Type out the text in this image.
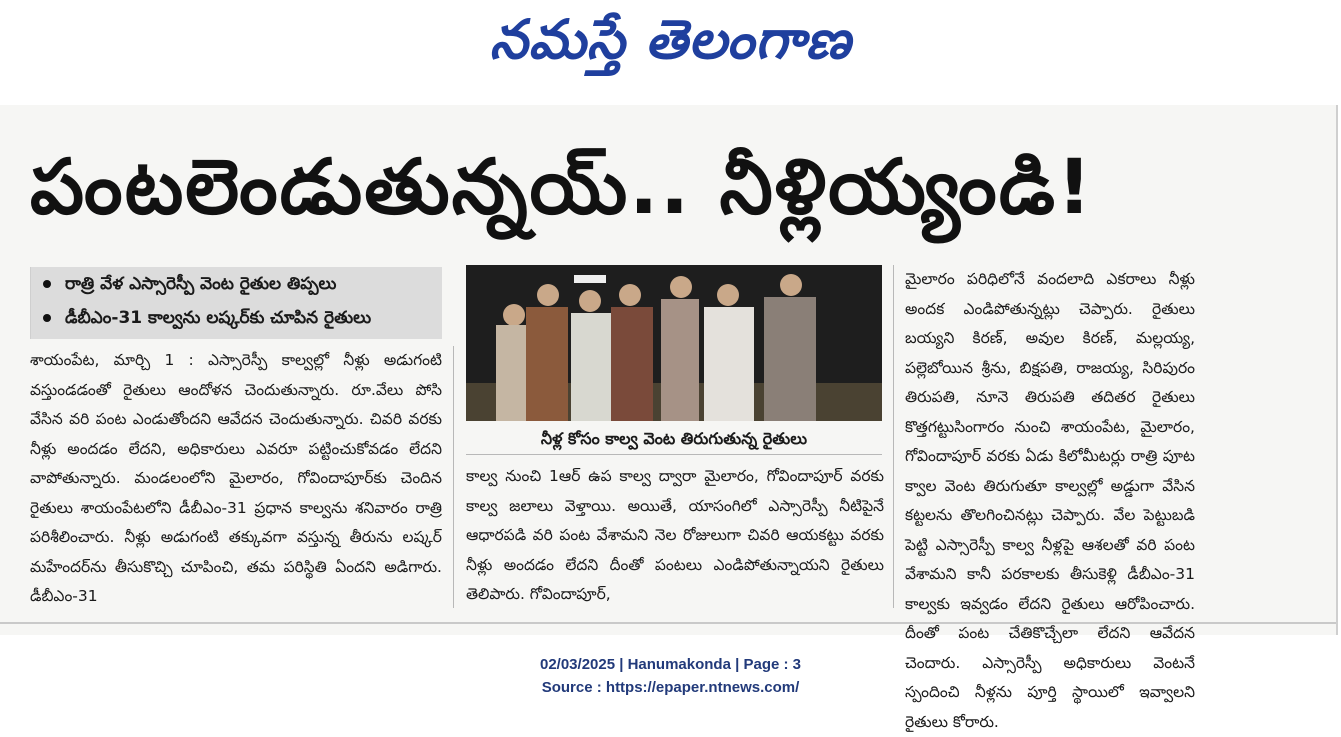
నమస్తే తెలంగాణ
పంటలెండుతున్నయ్.. నీళ్లియ్యండి!
రాత్రి వేళ ఎస్సారెస్పీ వెంట రైతుల తిప్పలు
డీబీఎం-31 కాల్వను లష్కర్‌కు చూపిన రైతులు

శాయంపేట, మార్చి 1 : ఎస్సారెస్పీ కాల్వల్లో నీళ్లు అడుగంటి వస్తుండడంతో రైతులు ఆందోళన చెందుతున్నారు. రూ.వేలు పోసి వేసిన వరి పంట ఎండుతోందని ఆవేదన చెందుతున్నారు. చివరి వరకు నీళ్లు అందడం లేదని, అధికారులు ఎవరూ పట్టించుకోవడం లేదని వాపోతున్నారు. మండలంలోని మైలారం, గోవిందాపూర్‌కు చెందిన రైతులు శాయంపేటలోని డీబీఎం-31 ప్రధాన కాల్వను శనివారం రాత్రి పరిశీలించారు. నీళ్లు అడుగంటి తక్కువగా వస్తున్న తీరును లష్కర్ మహేందర్‌ను తీసుకొచ్చి చూపించి, తమ పరిస్థితి ఏందని అడిగారు. డీబీఎం-31

నీళ్ల కోసం కాల్వ వెంట తిరుగుతున్న రైతులు

కాల్వ నుంచి 1ఆర్ ఉప కాల్వ ద్వారా మైలారం, గోవిందాపూర్ వరకు కాల్వ జలాలు వెళ్తాయి. అయితే, యాసంగిలో ఎస్సారెస్పీ నీటిపైనే ఆధారపడి వరి పంట వేశామని నెల రోజులుగా చివరి ఆయకట్టు వరకు నీళ్లు అందడం లేదని దీంతో పంటలు ఎండిపోతున్నాయని రైతులు తెలిపారు. గోవిందాపూర్,

మైలారం పరిధిలోనే వందలాది ఎకరాలు నీళ్లు అందక ఎండిపోతున్నట్లు చెప్పారు. రైతులు బయ్యని కిరణ్, అవుల కిరణ్, మల్లయ్య, పల్లెబోయిన శ్రీను, బిక్షపతి, రాజయ్య, సిరిపురం తిరుపతి, నూనె తిరుపతి తదితర రైతులు కొత్తగట్టుసింగారం నుంచి శాయంపేట, మైలారం, గోవిందాపూర్ వరకు ఏడు కిలోమీటర్లు రాత్రి పూట క్వాల వెంట తిరుగుతూ కాల్వల్లో అడ్డుగా వేసిన కట్టలను తొలగించినట్లు చెప్పారు. వేల పెట్టుబడి పెట్టి ఎస్సారెస్పీ కాల్వ నీళ్లపై ఆశలతో వరి పంట వేశామని కానీ పరకాలకు తీసుకెళ్లి డీబీఎం-31 కాల్వకు ఇవ్వడం లేదని రైతులు ఆరోపించారు. దీంతో పంట చేతికొచ్చేలా లేదని ఆవేదన చెందారు. ఎస్సారెస్పీ అధికారులు వెంటనే స్పందించి నీళ్లను పూర్తి స్థాయిలో ఇవ్వాలని రైతులు కోరారు.

02/03/2025 | Hanumakonda | Page : 3
Source : https://epaper.ntnews.com/
